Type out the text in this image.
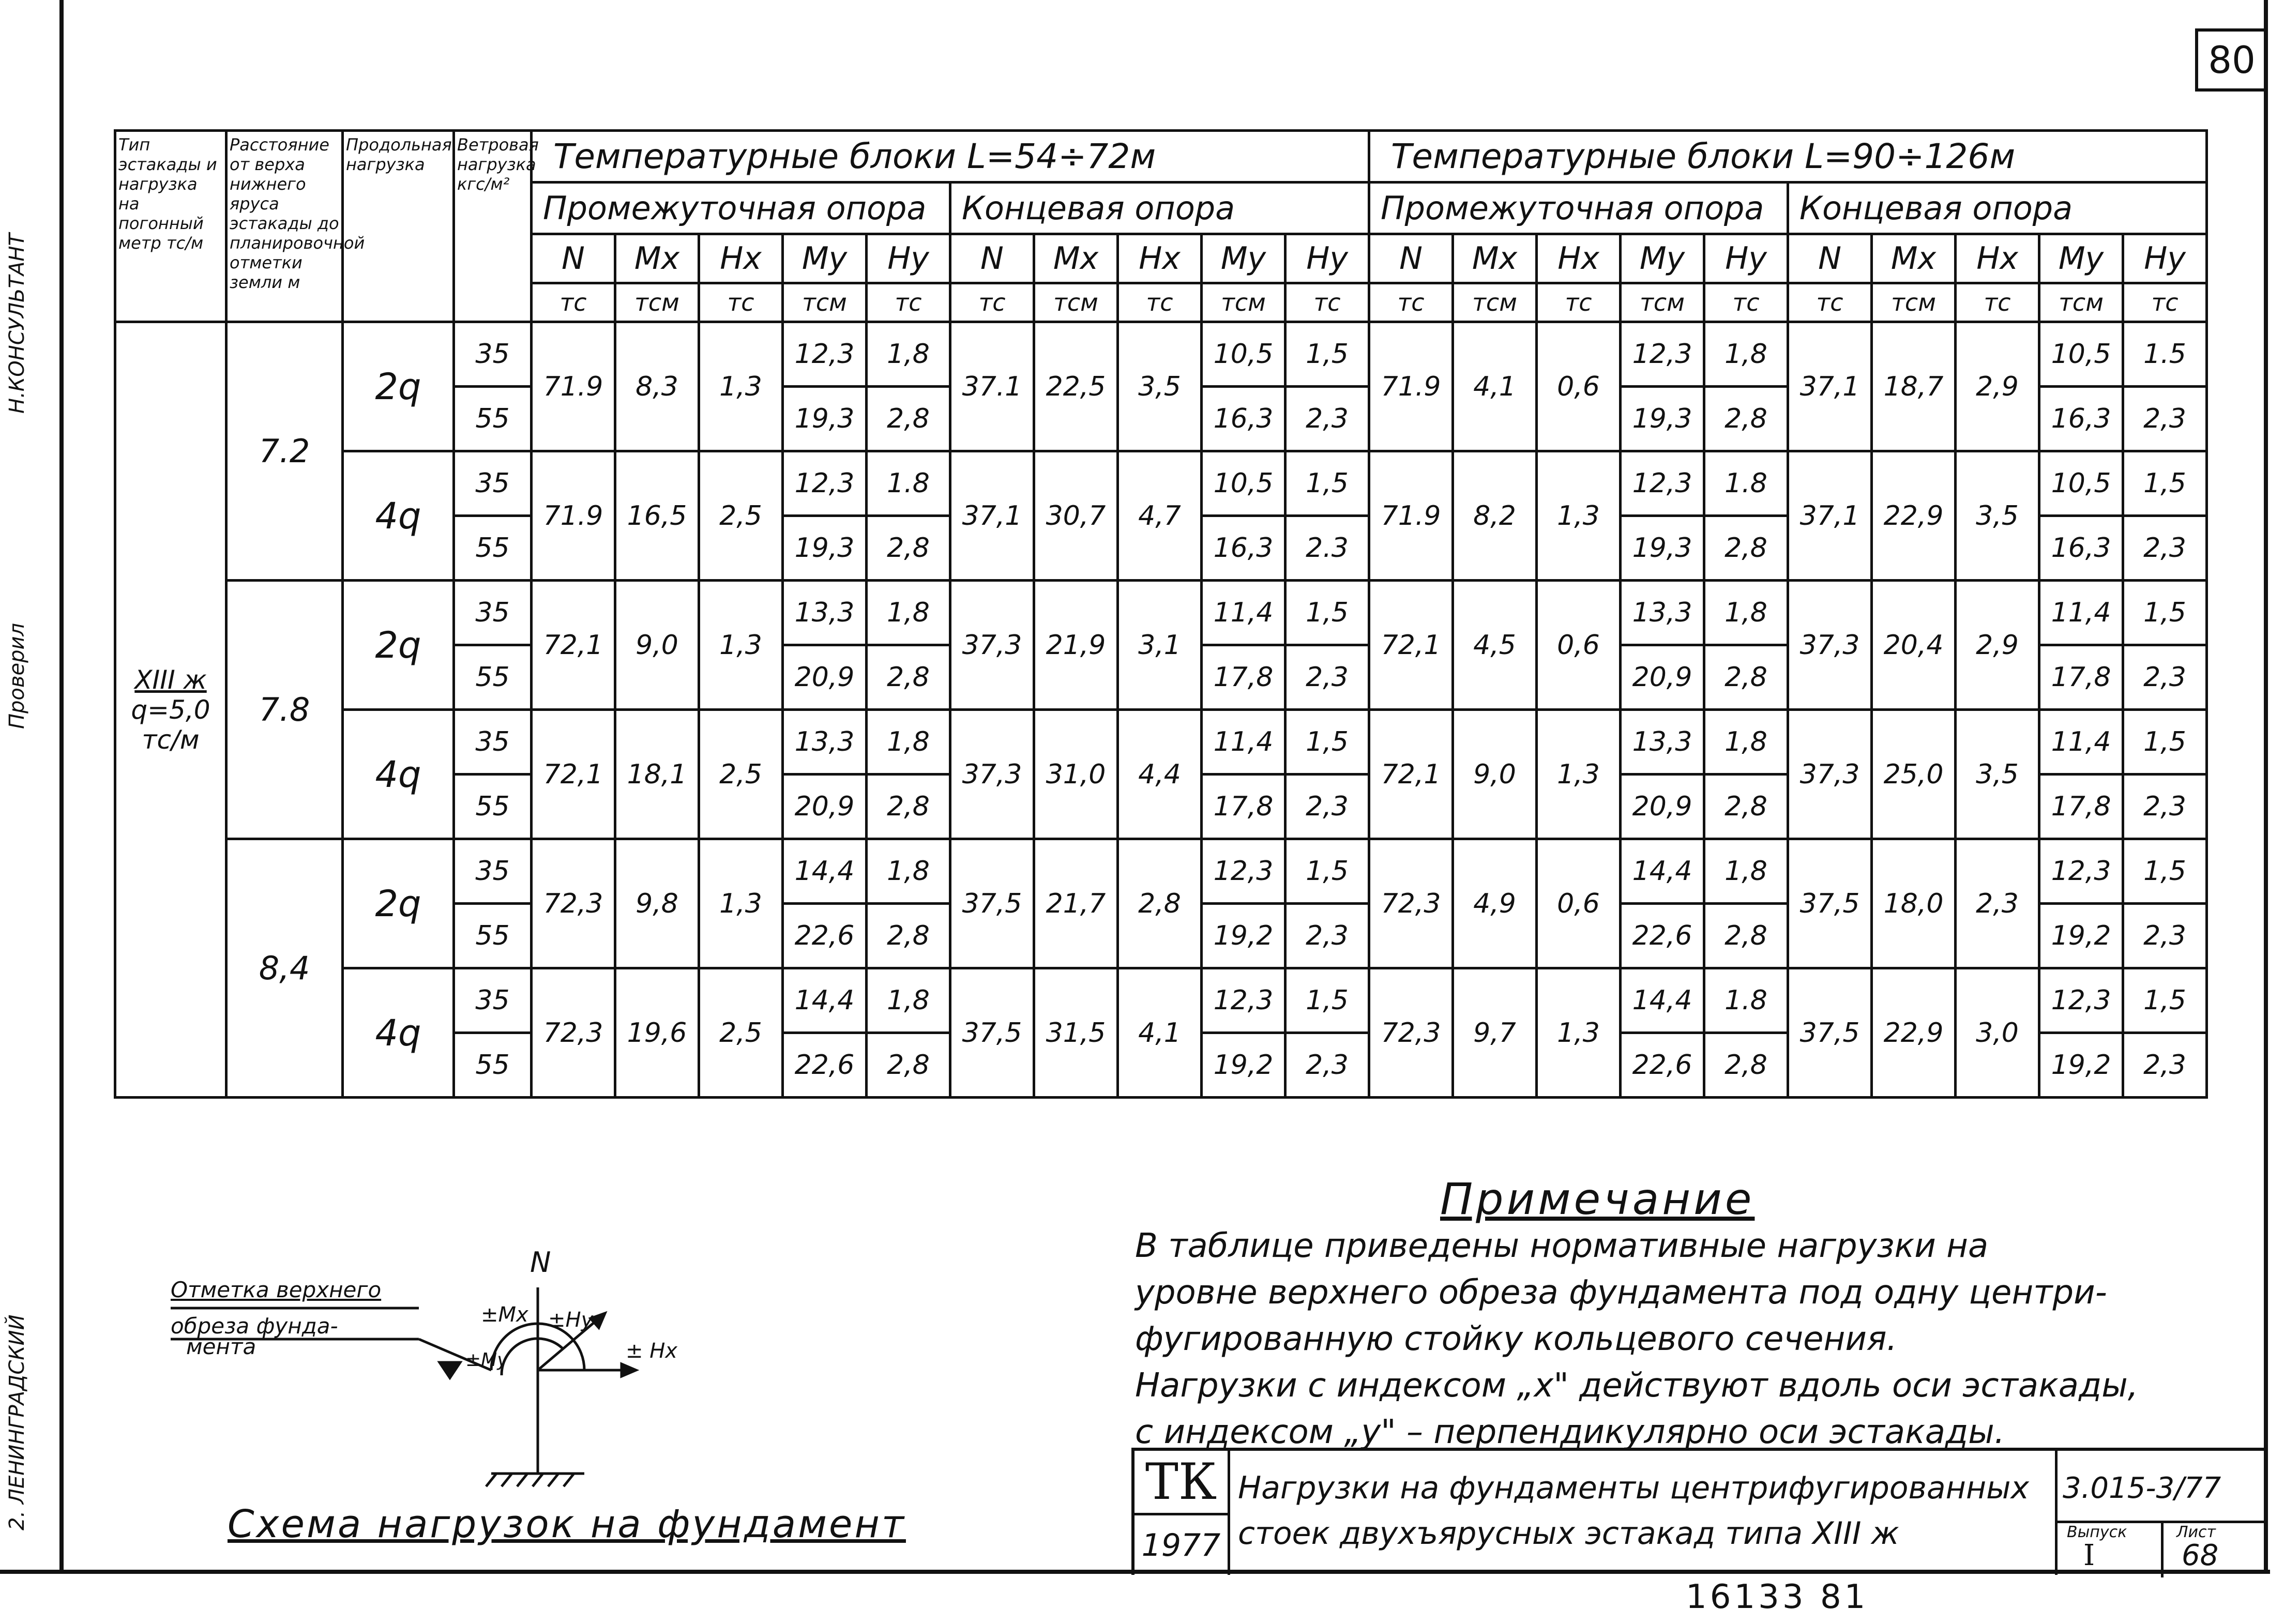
80
Н.КОНСУЛЬТАНТ
Проверил
2. ЛЕНИНГРАДСКИЙ
Тип эстакады и нагрузка на погонный метр тс/м	Расстояние от верха нижнего яруса эстакады до планировочной отметки земли м	Продольная нагрузка	Ветровая нагрузка кгс/м²	Температурные блоки L=54÷72м										Температурные блоки L=90÷126м									
				Промежуточная опора					Концевая опора					Промежуточная опора					Концевая опора				
				N	Mx	Hx	My	Hy	N	Mx	Hx	My	Hy	N	Mx	Hx	My	Hy	N	Mx	Hx	My	Hy
				тс	тсм	тс	тсм	тс	тс	тсм	тс	тсм	тс	тс	тсм	тс	тсм	тс	тс	тсм	тс	тсм	тс

XIII ж
q=5,0 тс/м	7.2	2q	35	71.9	8,3	1,3	12,3	1,8	37.1	22,5	3,5	10,5	1,5	71.9	4,1	0,6	12,3	1,8	37,1	18,7	2,9	10,5	1.5
			55				19,3	2,8				16,3	2,3				19,3	2,8				16,3	2,3
		4q	35	71.9	16,5	2,5	12,3	1.8	37,1	30,7	4,7	10,5	1,5	71.9	8,2	1,3	12,3	1.8	37,1	22,9	3,5	10,5	1,5
			55				19,3	2,8				16,3	2.3				19,3	2,8				16,3	2,3
	7.8	2q	35	72,1	9,0	1,3	13,3	1,8	37,3	21,9	3,1	11,4	1,5	72,1	4,5	0,6	13,3	1,8	37,3	20,4	2,9	11,4	1,5
			55				20,9	2,8				17,8	2,3				20,9	2,8				17,8	2,3
		4q	35	72,1	18,1	2,5	13,3	1,8	37,3	31,0	4,4	11,4	1,5	72,1	9,0	1,3	13,3	1,8	37,3	25,0	3,5	11,4	1,5
			55				20,9	2,8				17,8	2,3				20,9	2,8				17,8	2,3
	8,4	2q	35	72,3	9,8	1,3	14,4	1,8	37,5	21,7	2,8	12,3	1,5	72,3	4,9	0,6	14,4	1,8	37,5	18,0	2,3	12,3	1,5
			55				22,6	2,8				19,2	2,3				22,6	2,8				19,2	2,3
		4q	35	72,3	19,6	2,5	14,4	1,8	37,5	31,5	4,1	12,3	1,5	72,3	9,7	1,3	14,4	1.8	37,5	22,9	3,0	12,3	1,5
			55				22,6	2,8				19,2	2,3				22,6	2,8				19,2	2,3
Примечание
В таблице приведены нормативные нагрузки на
уровне верхнего обреза фундамента под одну центри-
фугированную стойку кольцевого сечения.
Нагрузки с индексом „x" действуют вдоль оси эстакады,
с индексом „y" – перпендикулярно оси эстакады.
N
Отметка верхнего
обреза фунда-
мента
±Mx
±My
±Hy
± Hx
Схема нагрузок на фундамент
ТК
1977
Нагрузки на фундаменты центрифугированных
стоек двухъярусных эстакад типа XIII ж
3.015-3/77
Выпуск
I
Лист
68
16133 81
